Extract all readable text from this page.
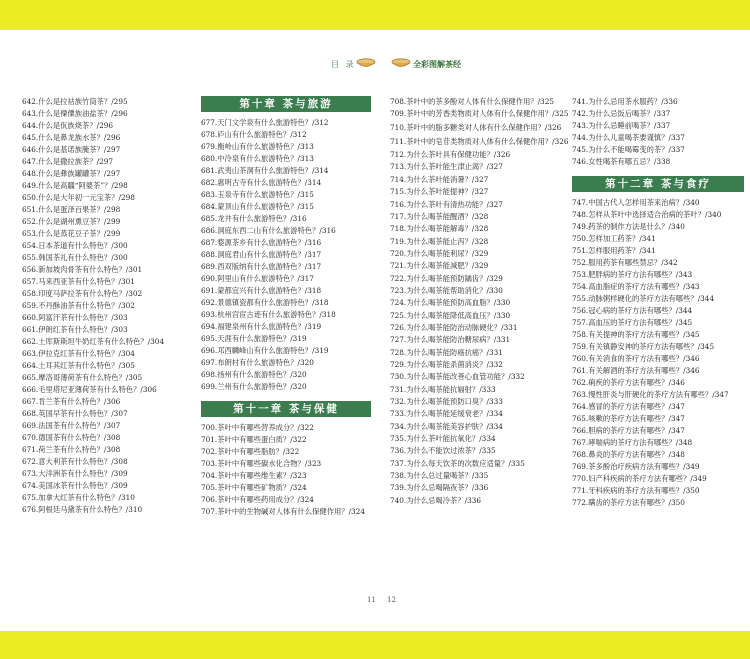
目 录	全彩图解茶经
642.什么是拉祜族竹筒茶？/295
643.什么是傈僳族油盐茶？/296
644.什么是佤族烧茶？/296
645.什么是鼻龙族水茶？/296
646.什么是基诺族腌茶？/297
647.什么是撒拉族茶？/297
648.什么是彝族罐罐茶？/297
649.什么是高疆“阿婆茶”？/298
650.什么是大年初一元宝茶？/298
651.什么是蛋泽百果茶？/298
652.什么是湖州熏豆茶？/299
653.什么是蒸花豆子茶？/299
654.日本茶道有什么特色？/300
655.韩国茶礼有什么特色？/300
656.新加坡肉骨茶有什么特色？/301
657.马来西亚茶有什么特色？/301
658.印度马萨拉茶有什么特色？/302
659.不丹酥油茶有什么特色？/302
660.阿富汗茶有什么特色？/303
661.伊朗红茶有什么特色？/303
662.土库斯斯坦牛奶红茶有什么特色？/304
663.伊拉克红茶有什么特色？/304
664.土耳其红茶有什么特色？/305
665.摩洛哥薄荷茶有什么特色？/305
666.毛里塔尼亚薄荷茶有什么特色？/306
667.肯兰茶有什么特色？/306
668.英国早茶有什么特色？/307
669.法国茶有什么特色？/307
670.德国茶有什么特色？/308
671.荷兰茶有什么特色？/308
672.意大利茶有什么特色？/308
673.大洋洲茶有什么特色？/309
674.美国冰茶有什么特色？/309
675.加拿大红茶有什么特色？/310
676.阿根廷马黛茶有什么特色？/310
第十章 茶与旅游
677.天门文学泉有什么旅游特色？/312
678.庐山有什么旅游特色？/312
679.衡岭山有什么旅游特色？/313
680.中泠泉有什么旅游特色？/313
681.武夷山茶洞有什么旅游特色？/314
682.惠明古寺有什么旅游特色？/314
683.玉泉寺有什么旅游特色？/315
684.蒙顶山有什么旅游特色？/315
685.龙井有什么旅游特色？/316
686.洞庭东西二山有什么旅游特色？/316
687.婺源茶乡有什么旅游特色？/316
688.洞庭君山有什么旅游特色？/317
689.西双版纳有什么旅游特色？/317
690.阿里山有什么旅游特色？/317
691.蒙都宜兴有什么旅游特色？/318
692.景德镇瓷都有什么旅游特色？/318
693.杭州宫宦古迹有什么旅游特色？/318
694.福建泉州有什么旅游特色？/319
695.天涯有什么旅游特色？/319
696.邛西麟峰山有什么旅游特色？/319
697.布朗村有什么旅游特色？/320
698.扬州有什么旅游特色？/320
699.兰州有什么旅游特色？/320
第十一章 茶与保健
700.茶叶中有哪些营养成分？/322
701.茶叶中有哪些蛋白质？/322
702.茶叶中有哪些脂肪？/322
703.茶叶中有哪些碳水化合物？/323
704.茶叶中有哪些维生素？/323
705.茶叶中有哪些矿物质？/324
706.茶叶中有哪些药用成分？/324
707.茶叶中的生物碱对人体有什么保健作用？/324
708.茶叶中的茶多酚对人体有什么保健作用？/325
709.茶叶中的芳香类物质对人体有什么保健作用？/325
710.茶叶中的脂多糖类对人体有什么保健作用？/326
711.茶叶中的皂苷类物质对人体有什么保健作用？/326
712.为什么茶叶具有保健功能？/326
713.为什么茶叶能生津止渴？/327
714.为什么茶叶能消暑？/327
715.为什么茶叶能提神？/327
716.为什么茶叶有清热功能？/327
717.为什么喝茶能醒酒？/328
718.为什么喝茶能解毒？/328
719.为什么喝茶能止泻？/328
720.为什么喝茶能利尿？/329
721.为什么喝茶能减肥？/329
722.为什么喝茶能预防龋齿？/329
723.为什么喝茶能帮助消化？/330
724.为什么喝茶能预防高血脂？/330
725.为什么喝茶能降低高血压？/330
726.为什么喝茶能防治动脉硬化？/331
727.为什么喝茶能防治糖尿病？/331
728.为什么喝茶能防癌抗癌？/331
729.为什么喝茶能杀菌消炎？/332
730.为什么喝茶能改善心血管功能？/332
731.为什么喝茶能抗辐射？/333
732.为什么喝茶能预防口臭？/333
733.为什么喝茶能延缓衰老？/334
734.为什么喝茶能美容护肤？/334
735.为什么茶叶能抗氧化？/334
736.为什么不能饮过浓茶？/335
737.为什么每天饮茶的次数应适量？/335
738.为什么总过量喝茶？/335
739.为什么忌喝隔夜茶？/336
740.为什么忌喝冷茶？/336
741.为什么忌用茶水服药？/336
742.为什么忌饭后喝茶？/337
743.为什么忌睡前喝茶？/337
744.为什么儿童喝茶要谨慎？/337
745.为什么不能喝霉变的茶？/337
746.女性喝茶有哪五忌？/338
第十二章 茶与食疗
747.中国古代人怎样用茶来治病？/340
748.怎样从茶叶中选择适合治病的茶叶？/340
749.药茶的制作方法是什么？/340
750.怎样加工药茶？/341
751.怎样服用药茶？/341
752.服用药茶有哪些禁忌？/342
753.肥胖病的茶疗方法有哪些？/343
754.高血脂症的茶疗方法有哪些？/343
755.动脉粥样硬化的茶疗方法有哪些？/344
756.冠心病的茶疗方法有哪些？/344
757.高血压的茶疗方法有哪些？/345
758.有关提神的茶疗方法有哪些？/345
759.有关镇静安神的茶疗方法有哪些？/345
760.有关消食的茶疗方法有哪些？/346
761.有关解酒的茶疗方法有哪些？/346
762.痢疾的茶疗方法有哪些？/346
763.慢性肝炎与肝硬化的茶疗方法有哪些？/347
764.感冒的茶疗方法有哪些？/347
765.咳嗽的茶疗方法有哪些？/347
766.胆病的茶疗方法有哪些？/347
767.哮喘病的茶疗方法有哪些？/348
768.鼻炎的茶疗方法有哪些？/348
769.茶多酚治疗疾病方法有哪些？/349
770.妇产科疾病的茶疗方法有哪些？/349
771.牙科疾病的茶疗方法有哪些？/350
772.瞒齿的茶疗方法有哪些？/350
11 12
